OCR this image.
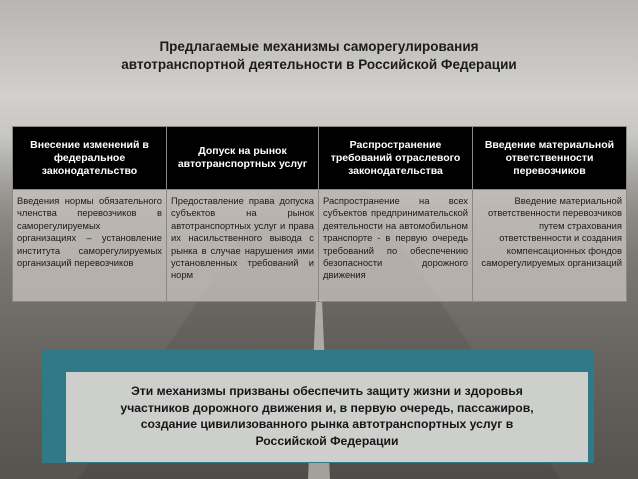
Предлагаемые механизмы саморегулирования
автотранспортной деятельности в Российской Федерации
Внесение изменений в федеральное законодательство	Допуск на рынок автотранспортных услуг	Распространение требований отраслевого законодательства	Введение материальной ответственности перевозчиков
Введения нормы обязательного членства перевозчиков в саморегулируемых организациях – установление института саморегулируемых организаций перевозчиков	Предоставление права допуска субъектов на рынок автотранспортных услуг и права их насильственного вывода с рынка в случае нарушения ими установленных требований и норм	Распространение на всех субъектов предпринимательской деятельности на автомобильном транспорте - в первую очередь требований по обеспечению безопасности дорожного движения	Введение материальной ответственности перевозчиков путем страхования ответственности и создания компенсационных фондов саморегулируемых организаций
Эти механизмы призваны обеспечить защиту жизни и здоровья
участников дорожного движения и, в первую очередь, пассажиров,
создание цивилизованного рынка автотранспортных услуг в
Российской Федерации
